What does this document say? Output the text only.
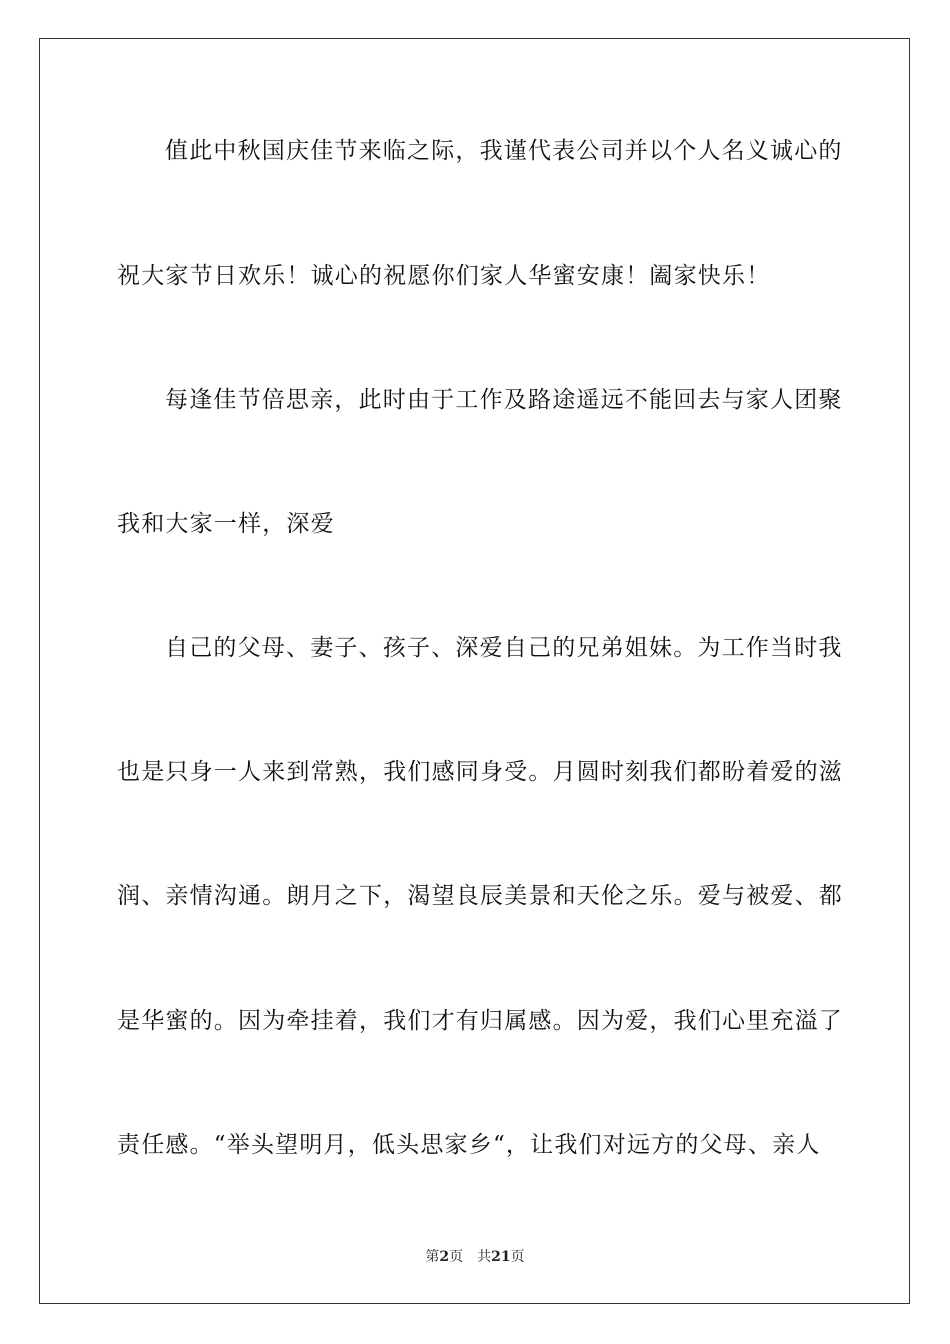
值此中秋国庆佳节来临之际，我谨代表公司并以个人名义诚心的
祝大家节日欢乐！诚心的祝愿你们家人华蜜安康！阖家快乐！
每逢佳节倍思亲，此时由于工作及路途遥远不能回去与家人团聚
我和大家一样，深爱
自己的父母、妻子、孩子、深爱自己的兄弟姐妹。为工作当时我
也是只身一人来到常熟，我们感同身受。月圆时刻我们都盼着爱的滋
润、亲情沟通。朗月之下，渴望良辰美景和天伦之乐。爱与被爱、都
是华蜜的。因为牵挂着，我们才有归属感。因为爱，我们心里充溢了
责任感。“举头望明月，低头思家乡“，让我们对远方的父母、亲人
第2页 共21页
